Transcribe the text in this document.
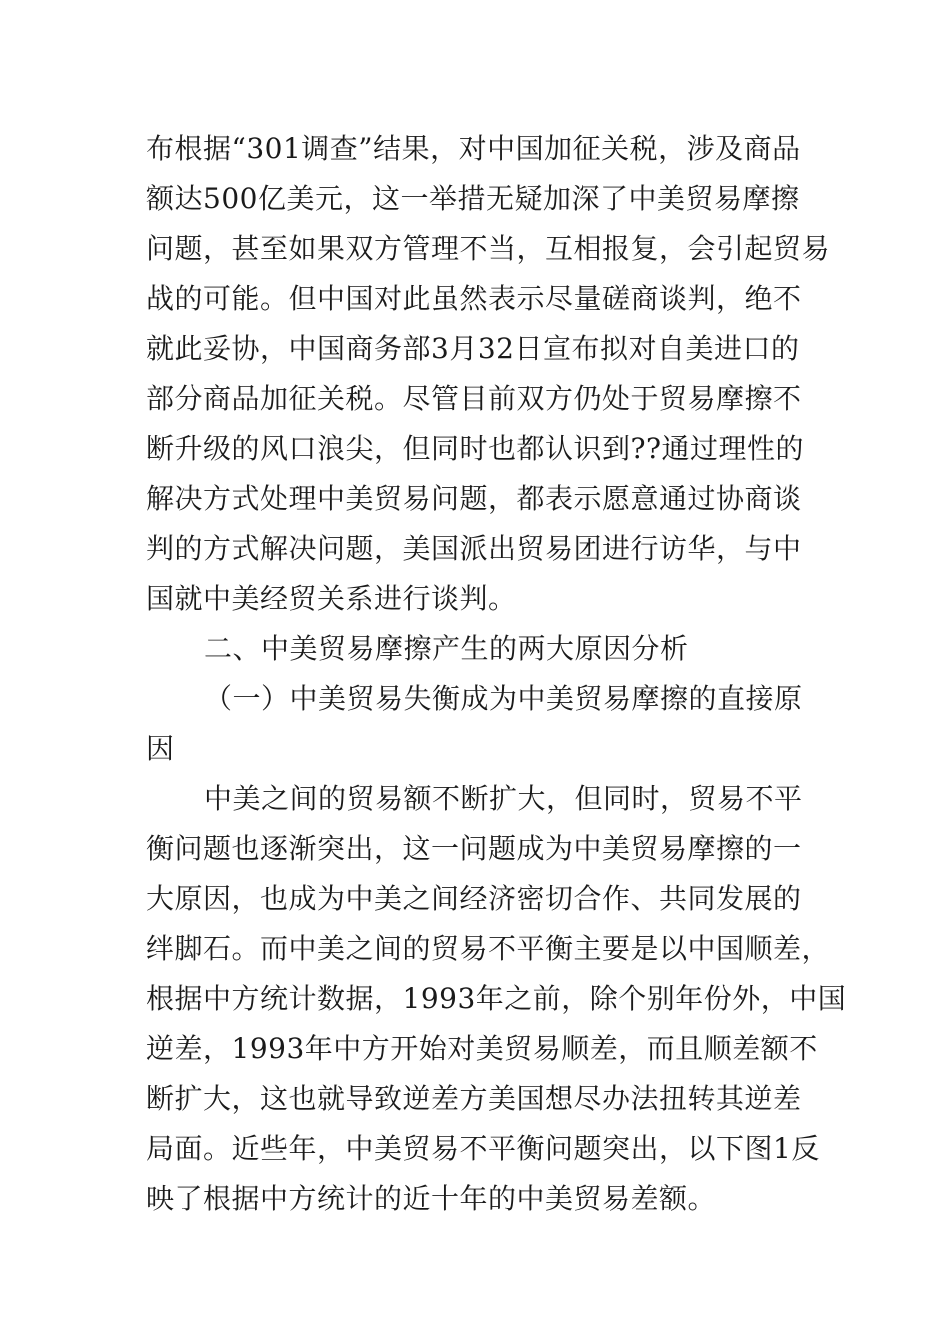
布根据“301调查”结果，对中国加征关税，涉及商品
额达500亿美元，这一举措无疑加深了中美贸易摩擦
问题，甚至如果双方管理不当，互相报复，会引起贸易
战的可能。但中国对此虽然表示尽量磋商谈判，绝不
就此妥协，中国商务部3月32日宣布拟对自美进口的
部分商品加征关税。尽管目前双方仍处于贸易摩擦不
断升级的风口浪尖，但同时也都认识到??通过理性的
解决方式处理中美贸易问题，都表示愿意通过协商谈
判的方式解决问题，美国派出贸易团进行访华，与中
国就中美经贸关系进行谈判。
二、中美贸易摩擦产生的两大原因分析
（一）中美贸易失衡成为中美贸易摩擦的直接原
因
中美之间的贸易额不断扩大，但同时，贸易不平
衡问题也逐渐突出，这一问题成为中美贸易摩擦的一
大原因，也成为中美之间经济密切合作、共同发展的
绊脚石。而中美之间的贸易不平衡主要是以中国顺差，
根据中方统计数据，1993年之前，除个别年份外，中国
逆差，1993年中方开始对美贸易顺差，而且顺差额不
断扩大，这也就导致逆差方美国想尽办法扭转其逆差
局面。近些年，中美贸易不平衡问题突出，以下图1反
映了根据中方统计的近十年的中美贸易差额。
